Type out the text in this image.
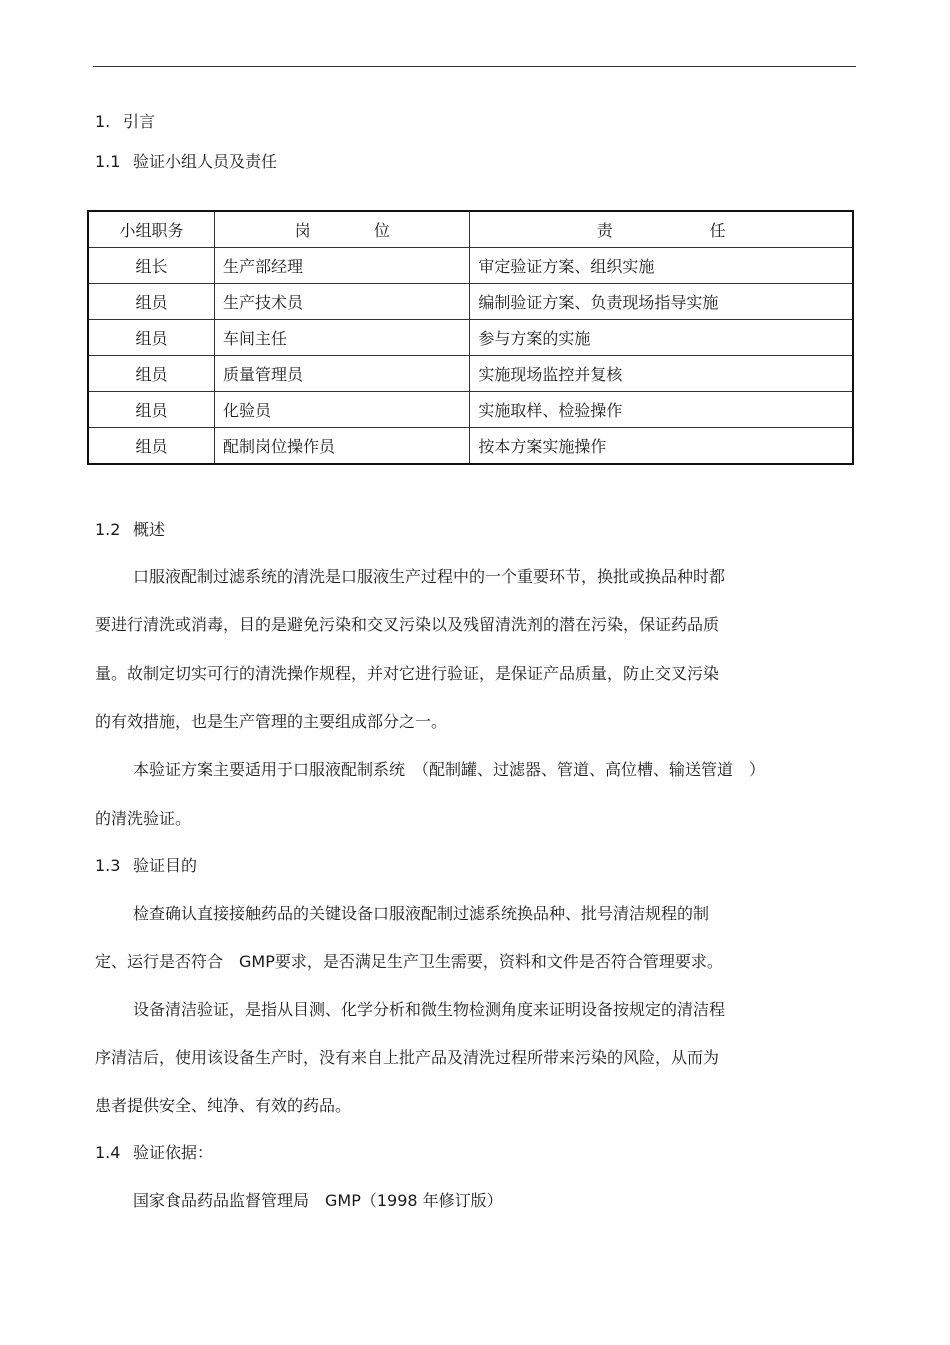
1. 引言
1.1 验证小组人员及责任
小组职务	岗 位	责 任

组长	生产部经理	审定验证方案、组织实施
组员	生产技术员	编制验证方案、负责现场指导实施
组员	车间主任	参与方案的实施
组员	质量管理员	实施现场监控并复核
组员	化验员	实施取样、检验操作
组员	配制岗位操作员	按本方案实施操作
1.2 概述
口服液配制过滤系统的清洗是口服液生产过程中的一个重要环节，换批或换品种时都
要进行清洗或消毒，目的是避免污染和交叉污染以及残留清洗剂的潜在污染，保证药品质
量。故制定切实可行的清洗操作规程，并对它进行验证，是保证产品质量，防止交叉污染
的有效措施，也是生产管理的主要组成部分之一。
本验证方案主要适用于口服液配制系统　（配制罐、过滤器、管道、高位槽、输送管道　）
的清洗验证。
1.3 验证目的
检查确认直接接触药品的关键设备口服液配制过滤系统换品种、批号清洁规程的制
定、运行是否符合　GMP要求，是否满足生产卫生需要，资料和文件是否符合管理要求。
设备清洁验证，是指从目测、化学分析和微生物检测角度来证明设备按规定的清洁程
序清洁后，使用该设备生产时，没有来自上批产品及清洗过程所带来污染的风险，从而为
患者提供安全、纯净、有效的药品。
1.4 验证依据：
国家食品药品监督管理局　GMP（1998 年修订版）
